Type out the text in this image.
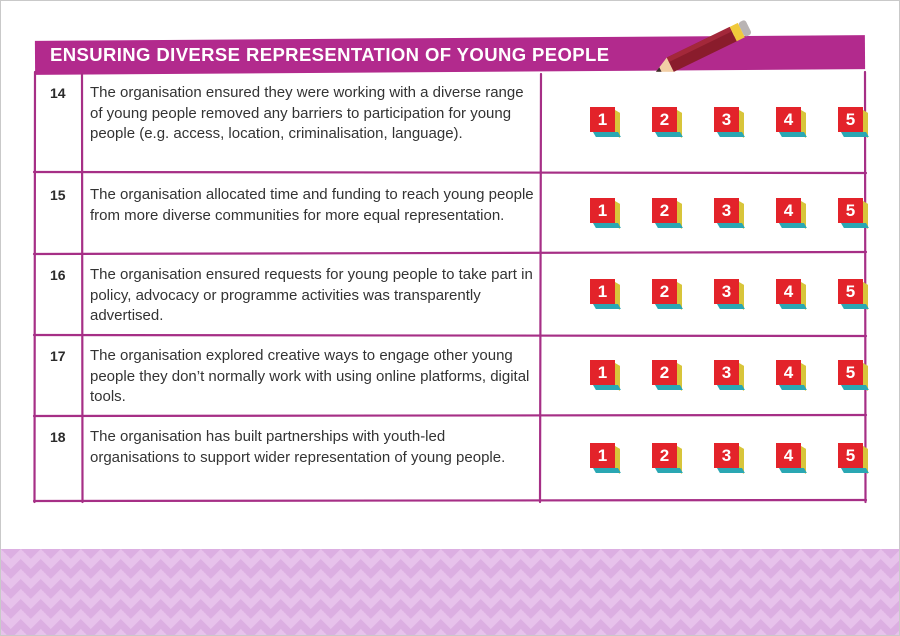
ENSURING DIVERSE REPRESENTATION OF YOUNG PEOPLE
14 The organisation ensured they were working with a diverse range of young people removed any barriers to participation for young people (e.g. access, location, criminalisation, language).
1	2	3	4	5
15 The organisation allocated time and funding to reach young people from more diverse communities for more equal representation.	1	2	3	4	5
16 The organisation ensured requests for young people to take part in policy, advocacy or programme activities was transparently advertised.
1	2	3	4	5
17 The organisation explored creative ways to engage other young people they don’t normally work with using online platforms, digital tools.
1	2	3	4	5
18 The organisation has built partnerships with youth-led organisations to support wider representation of young people.	1	2	3	4	5
